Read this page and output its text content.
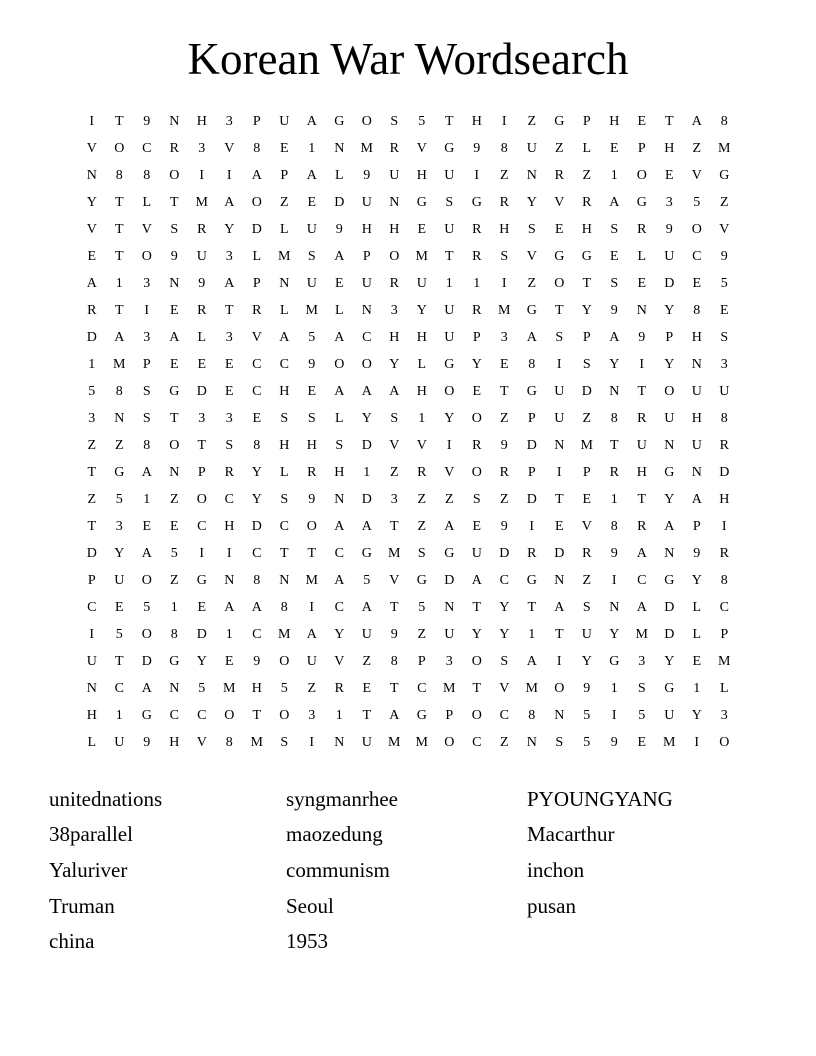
Korean War Wordsearch
I	T	9	N	H	3	P	U	A	G	O	S	5	T	H	I	Z	G	P	H	E	T	A	8
V	O	C	R	3	V	8	E	1	N	M	R	V	G	9	8	U	Z	L	E	P	H	Z	M
N	8	8	O	I	I	A	P	A	L	9	U	H	U	I	Z	N	R	Z	1	O	E	V	G
Y	T	L	T	M	A	O	Z	E	D	U	N	G	S	G	R	Y	V	R	A	G	3	5	Z
V	T	V	S	R	Y	D	L	U	9	H	H	E	U	R	H	S	E	H	S	R	9	O	V
E	T	O	9	U	3	L	M	S	A	P	O	M	T	R	S	V	G	G	E	L	U	C	9
A	1	3	N	9	A	P	N	U	E	U	R	U	1	1	I	Z	O	T	S	E	D	E	5
R	T	I	E	R	T	R	L	M	L	N	3	Y	U	R	M	G	T	Y	9	N	Y	8	E
D	A	3	A	L	3	V	A	5	A	C	H	H	U	P	3	A	S	P	A	9	P	H	S
1	M	P	E	E	E	C	C	9	O	O	Y	L	G	Y	E	8	I	S	Y	I	Y	N	3
5	8	S	G	D	E	C	H	E	A	A	A	H	O	E	T	G	U	D	N	T	O	U	U
3	N	S	T	3	3	E	S	S	L	Y	S	1	Y	O	Z	P	U	Z	8	R	U	H	8
Z	Z	8	O	T	S	8	H	H	S	D	V	V	I	R	9	D	N	M	T	U	N	U	R
T	G	A	N	P	R	Y	L	R	H	1	Z	R	V	O	R	P	I	P	R	H	G	N	D
Z	5	1	Z	O	C	Y	S	9	N	D	3	Z	Z	S	Z	D	T	E	1	T	Y	A	H
T	3	E	E	C	H	D	C	O	A	A	T	Z	A	E	9	I	E	V	8	R	A	P	I
D	Y	A	5	I	I	C	T	T	C	G	M	S	G	U	D	R	D	R	9	A	N	9	R
P	U	O	Z	G	N	8	N	M	A	5	V	G	D	A	C	G	N	Z	I	C	G	Y	8
C	E	5	1	E	A	A	8	I	C	A	T	5	N	T	Y	T	A	S	N	A	D	L	C
I	5	O	8	D	1	C	M	A	Y	U	9	Z	U	Y	Y	1	T	U	Y	M	D	L	P
U	T	D	G	Y	E	9	O	U	V	Z	8	P	3	O	S	A	I	Y	G	3	Y	E	M
N	C	A	N	5	M	H	5	Z	R	E	T	C	M	T	V	M	O	9	1	S	G	1	L
H	1	G	C	C	O	T	O	3	1	T	A	G	P	O	C	8	N	5	I	5	U	Y	3
L	U	9	H	V	8	M	S	I	N	U	M	M	O	C	Z	N	S	5	9	E	M	I	O
unitednations
38parallel
Yaluriver
Truman
china
syngmanrhee
maozedung
communism
Seoul
1953
PYOUNGYANG
Macarthur
inchon
pusan
